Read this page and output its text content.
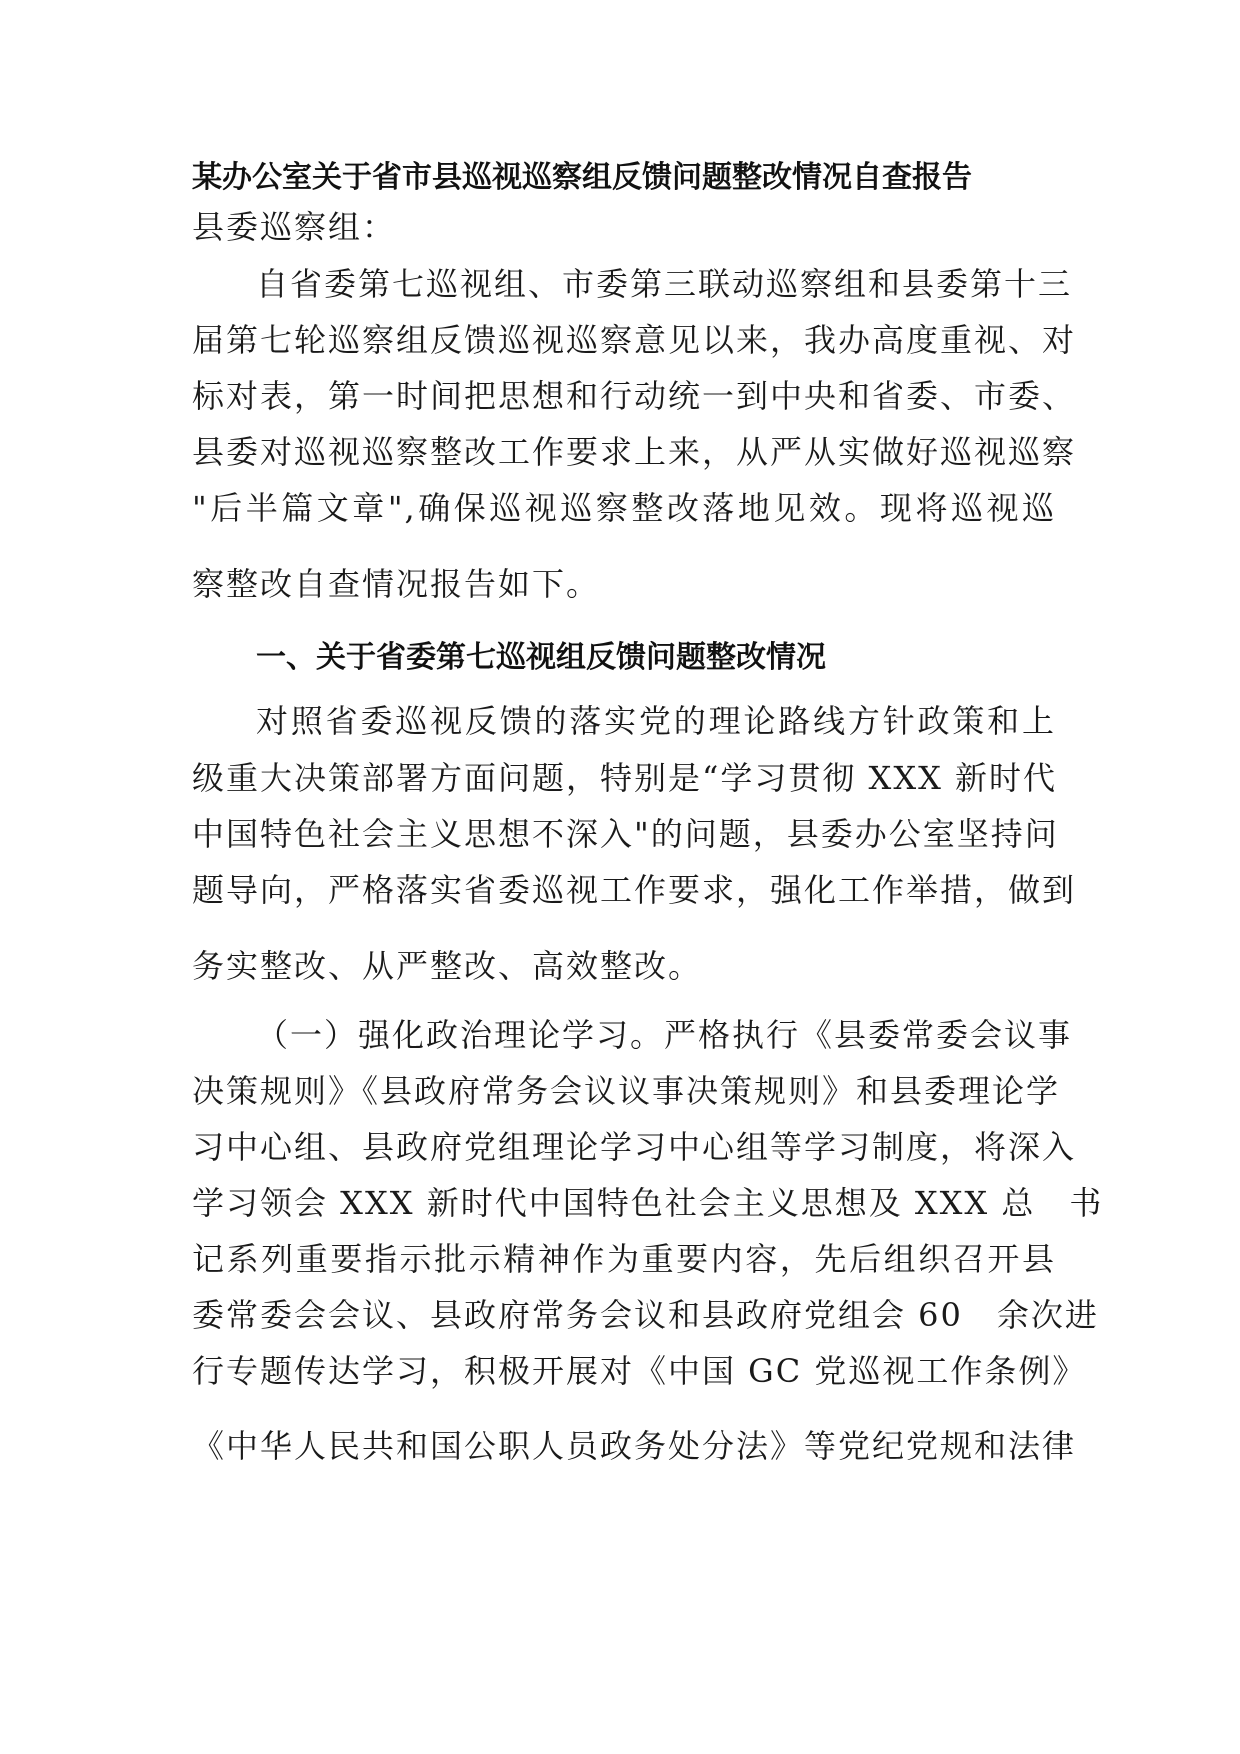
某办公室关于省市县巡视巡察组反馈问题整改情况自查报告

县委巡察组：

自省委第七巡视组、市委第三联动巡察组和县委第十三

届第七轮巡察组反馈巡视巡察意见以来，我办高度重视、对

标对表，第一时间把思想和行动统一到中央和省委、市委、

县委对巡视巡察整改工作要求上来，从严从实做好巡视巡察

"后半篇文章",确保巡视巡察整改落地见效。现将巡视巡

察整改自查情况报告如下。

一、关于省委第七巡视组反馈问题整改情况

对照省委巡视反馈的落实党的理论路线方针政策和上

级重大决策部署方面问题，特别是“学习贯彻 XXX 新时代

中国特色社会主义思想不深入"的问题，县委办公室坚持问

题导向，严格落实省委巡视工作要求，强化工作举措，做到

务实整改、从严整改、高效整改。

（一）强化政治理论学习。严格执行《县委常委会议事

决策规则》《县政府常务会议议事决策规则》和县委理论学

习中心组、县政府党组理论学习中心组等学习制度，将深入

学习领会 XXX 新时代中国特色社会主义思想及 XXX 总　书

记系列重要指示批示精神作为重要内容，先后组织召开县

委常委会会议、县政府常务会议和县政府党组会 60　余次进

行专题传达学习，积极开展对《中国 GC 党巡视工作条例》

《中华人民共和国公职人员政务处分法》等党纪党规和法律
